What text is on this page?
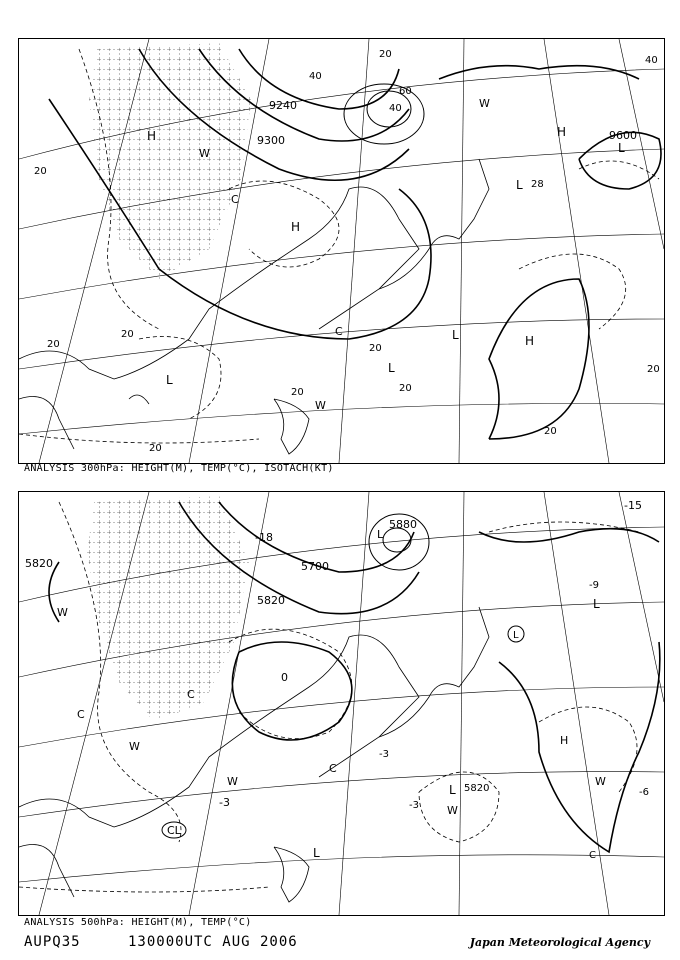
9240
9300	9600
20
20
20
20
20	20
20
20
20
40
40
40
60
20
H
H
H
H
L
L
L
L
L
W
W
W
C
C
28
ANALYSIS 300hPa: HEIGHT(M), TEMP(°C), ISOTACH(KT)
5820	5700
5820
5880
5820
-18
-15
-9
-3
0
-6
-3
-3
L
L
L
L
H
W
W
W
W
W
C
C
C
C
CL
L
ANALYSIS 500hPa: HEIGHT(M), TEMP(°C)
AUPQ35	130000UTC AUG 2006	Japan Meteorological Agency
